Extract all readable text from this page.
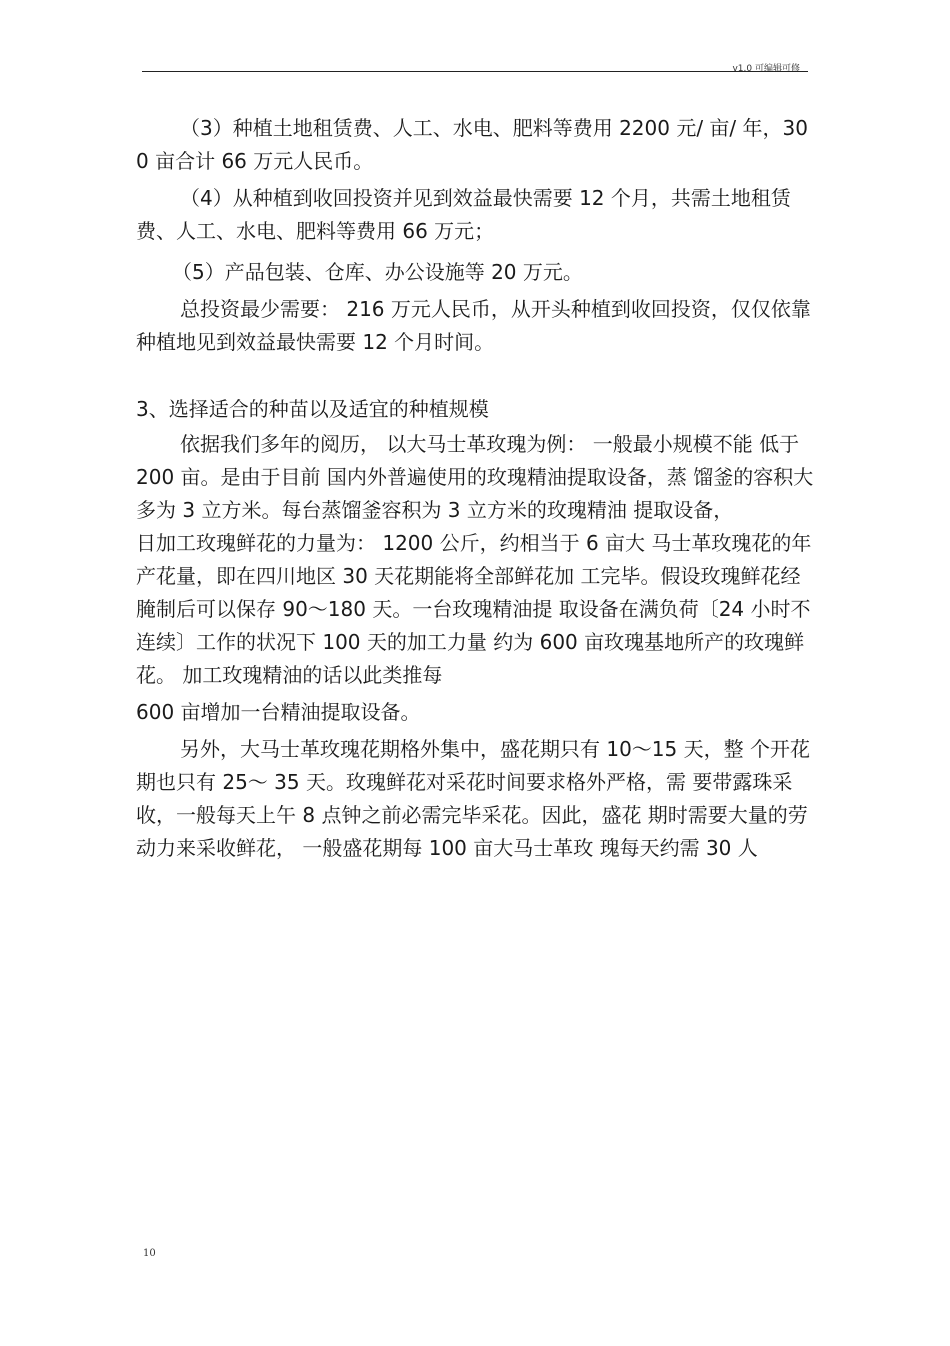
v1.0 可编辑可修

（3）种植土地租赁费、人工、水电、肥料等费用 2200 元/ 亩/ 年，300 亩合计 66 万元人民币。

（4）从种植到收回投资并见到效益最快需要 12 个月，共需土地租赁费、人工、水电、肥料等费用 66 万元；

（5）产品包装、仓库、办公设施等 20 万元。

总投资最少需要： 216 万元人民币，从开头种植到收回投资，仅仅依靠种植地见到效益最快需要 12 个月时间。

3、选择适合的种苗以及适宜的种植规模

依据我们多年的阅历， 以大马士革玫瑰为例： 一般最小规模不能 低于 200 亩。是由于目前 国内外普遍使用的玫瑰精油提取设备，蒸 馏釜的容积大多为 3 立方米。每台蒸馏釜容积为 3 立方米的玫瑰精油 提取设备，

日加工玫瑰鲜花的力量为： 1200 公斤，约相当于 6 亩大 马士革玫瑰花的年产花量，即在四川地区 30 天花期能将全部鲜花加 工完毕。假设玫瑰鲜花经腌制后可以保存 90～180 天。一台玫瑰精油提 取设备在满负荷〔24 小时不连续〕工作的状况下 100 天的加工力量 约为 600 亩玫瑰基地所产的玫瑰鲜花。 加工玫瑰精油的话以此类推每

600 亩增加一台精油提取设备。

另外，大马士革玫瑰花期格外集中，盛花期只有 10～15 天，整 个开花期也只有 25～ 35 天。玫瑰鲜花对采花时间要求格外严格，需 要带露珠采收，一般每天上午 8 点钟之前必需完毕采花。因此，盛花 期时需要大量的劳动力来采收鲜花， 一般盛花期每 100 亩大马士革玫 瑰每天约需 30 人

10
